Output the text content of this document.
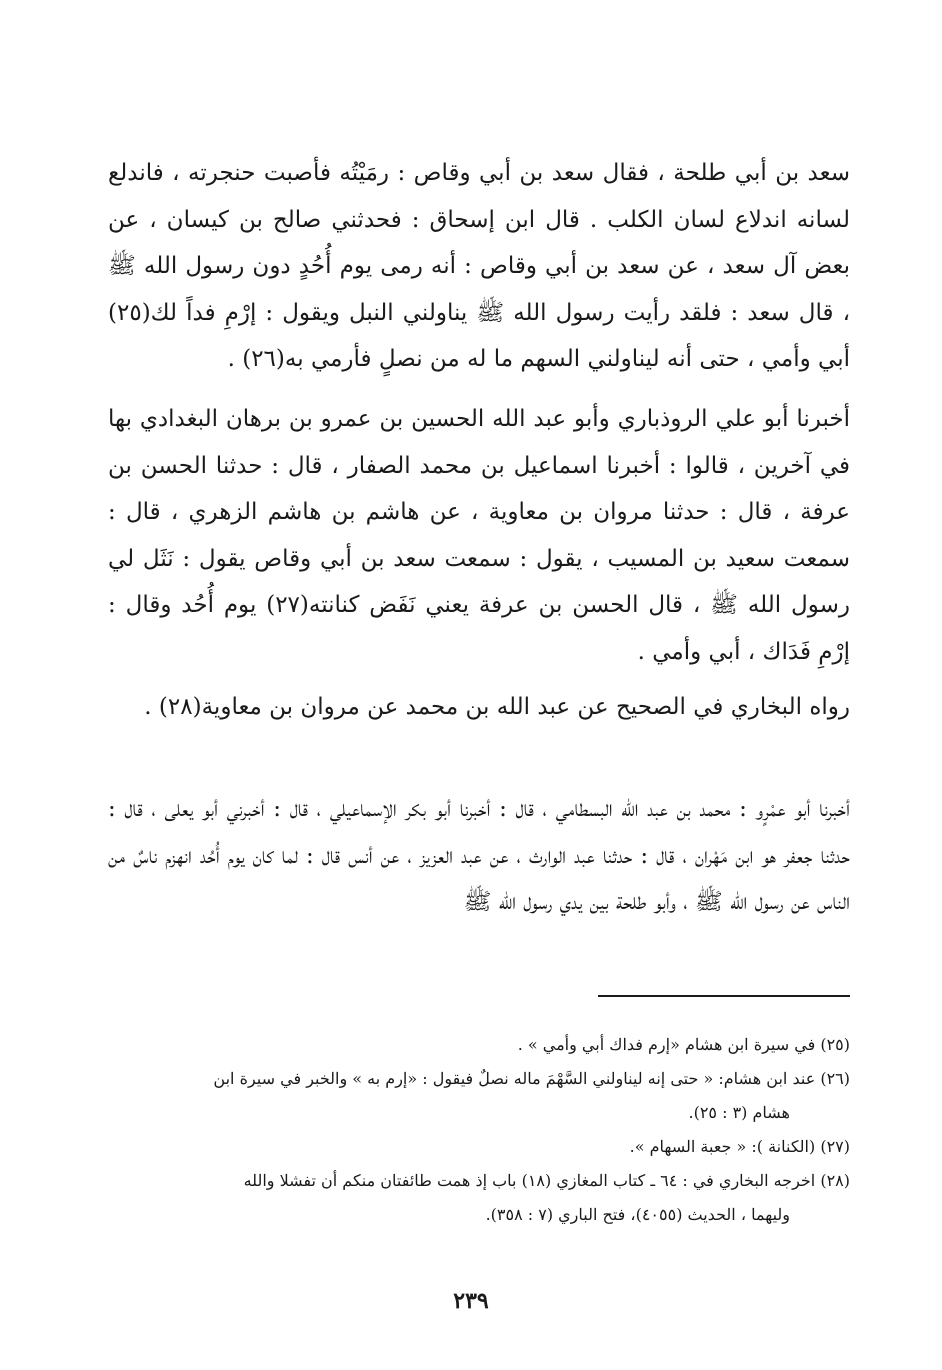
سعد بن أبي طلحة ، فقال سعد بن أبي وقاص : رمَيْتُه فأصبت حنجرته ، فاندلع لسانه اندلاع لسان الكلب . قال ابن إسحاق : فحدثني صالح بن كيسان ، عن بعض آل سعد ، عن سعد بن أبي وقاص : أنه رمى يوم أُحُدٍ دون رسول الله ﷺ ، قال سعد : فلقد رأيت رسول الله ﷺ يناولني النبل ويقول : إرْمِ فداً لك(٢٥) أبي وأمي ، حتى أنه ليناولني السهم ما له من نصلٍ فأرمي به(٢٦) .

أخبرنا أبو علي الروذباري وأبو عبد الله الحسين بن عمرو بن برهان البغدادي بها في آخرين ، قالوا : أخبرنا اسماعيل بن محمد الصفار ، قال : حدثنا الحسن بن عرفة ، قال : حدثنا مروان بن معاوية ، عن هاشم بن هاشم الزهري ، قال : سمعت سعيد بن المسيب ، يقول : سمعت سعد بن أبي وقاص يقول : نَثَل لي رسول الله ﷺ ، قال الحسن بن عرفة يعني نَفَض كنانته(٢٧) يوم أُحُد وقال : إرْمِ فَدَاك ، أبي وأمي .

رواه البخاري في الصحيح عن عبد الله بن محمد عن مروان بن معاوية(٢٨) .

أخبرنا أبو عمْرٍو : محمد بن عبد الله البسطامي ، قال : أخبرنا أبو بكر الإسماعيلي ، قال : أخبرني أبو يعلى ، قال : حدثنا جعفر هو ابن مَهْران ، قال : حدثنا عبد الوارث ، عن عبد العزيز ، عن أنس قال : لما كان يوم أُحُد انهزم ناسٌ من الناس عن رسول الله ﷺ ، وأبو طلحة بين يدي رسول الله ﷺ

(٢٥) في سيرة ابن هشام «إرم فداك أبي وأمي » .

(٢٦) عند ابن هشام: « حتى إنه ليناولني السَّهْمَ ماله نصلٌ فيقول : «إرم به » والخبر في سيرة ابن

هشام (٣ : ٢٥).

(٢٧) (الكنانة ): « جعبة السهام ».

(٢٨) اخرجه البخاري في : ٦٤ ـ كتاب المغازي (١٨) باب إذ همت طائفتان منكم أن تفشلا والله

وليهما ، الحديث (٤٠٥٥)، فتح الباري (٧ : ٣٥٨).

٢٣٩
